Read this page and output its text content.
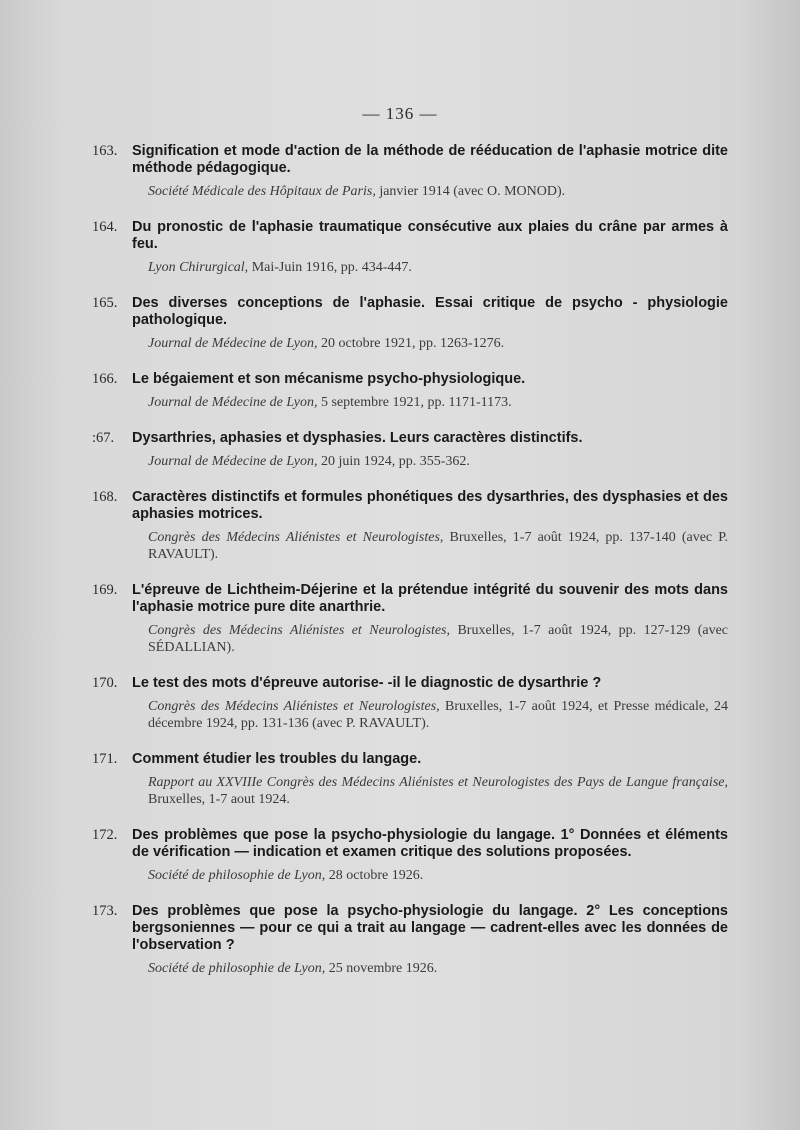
— 136 —
163.	Signification et mode d'action de la méthode de rééducation de l'aphasie motrice dite méthode pédagogique.
Société Médicale des Hôpitaux de Paris, janvier 1914 (avec O. MONOD).
164.	Du pronostic de l'aphasie traumatique consécutive aux plaies du crâne par armes à feu.
Lyon Chirurgical, Mai-Juin 1916, pp. 434-447.
165.	Des diverses conceptions de l'aphasie. Essai critique de psycho - physiologie pathologique.
Journal de Médecine de Lyon, 20 octobre 1921, pp. 1263-1276.
166.	Le bégaiement et son mécanisme psycho-physiologique.
Journal de Médecine de Lyon, 5 septembre 1921, pp. 1171-1173.
:67.	Dysarthries, aphasies et dysphasies. Leurs caractères distinctifs.
Journal de Médecine de Lyon, 20 juin 1924, pp. 355-362.
168.	Caractères distinctifs et formules phonétiques des dysarthries, des dysphasies et des aphasies motrices.
Congrès des Médecins Aliénistes et Neurologistes, Bruxelles, 1-7 août 1924, pp. 137-140 (avec P. RAVAULT).
169.	L'épreuve de Lichtheim-Déjerine et la prétendue intégrité du souvenir des mots dans l'aphasie motrice pure dite anarthrie.
Congrès des Médecins Aliénistes et Neurologistes, Bruxelles, 1-7 août 1924, pp. 127-129 (avec SÉDALLIAN).
170.	Le test des mots d'épreuve autorise- -il le diagnostic de dysarthrie ?
Congrès des Médecins Aliénistes et Neurologistes, Bruxelles, 1-7 août 1924, et Presse médicale, 24 décembre 1924, pp. 131-136 (avec P. RAVAULT).
171.	Comment étudier les troubles du langage.
Rapport au XXVIIIe Congrès des Médecins Aliénistes et Neurologistes des Pays de Langue française, Bruxelles, 1-7 aout 1924.
172.	Des problèmes que pose la psycho-physiologie du langage. 1° Données et éléments de vérification — indication et examen critique des solutions proposées.
Société de philosophie de Lyon, 28 octobre 1926.
173.	Des problèmes que pose la psycho-physiologie du langage. 2° Les conceptions bergsoniennes — pour ce qui a trait au langage — cadrent-elles avec les données de l'observation ?
Société de philosophie de Lyon, 25 novembre 1926.
